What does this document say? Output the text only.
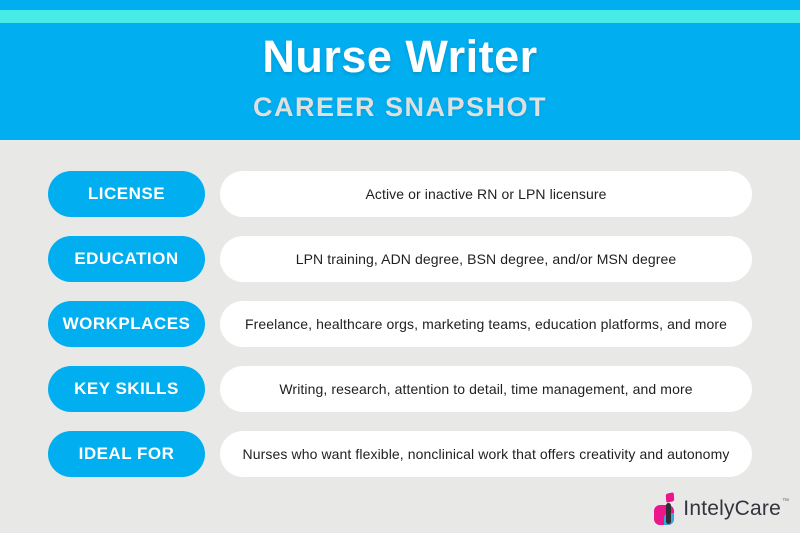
Nurse Writer
CAREER SNAPSHOT
LICENSE	Active or inactive RN or LPN licensure
EDUCATION	LPN training, ADN degree, BSN degree, and/or MSN degree
WORKPLACES	Freelance, healthcare orgs, marketing teams, education platforms, and more
KEY SKILLS	Writing, research, attention to detail, time management, and more
IDEAL FOR	Nurses who want flexible, nonclinical work that offers creativity and autonomy
IntelyCare ™
